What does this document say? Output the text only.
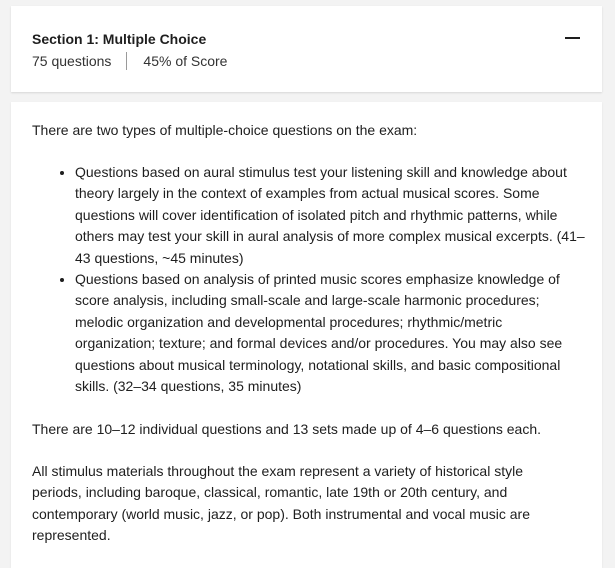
Section 1: Multiple Choice
75 questions 45% of Score

There are two types of multiple-choice questions on the exam:

• Questions based on aural stimulus test your listening skill and knowledge about theory largely in the context of examples from actual musical scores. Some questions will cover identification of isolated pitch and rhythmic patterns, while others may test your skill in aural analysis of more complex musical excerpts. (41–43 questions, ~45 minutes)
• Questions based on analysis of printed music scores emphasize knowledge of score analysis, including small-scale and large-scale harmonic procedures; melodic organization and developmental procedures; rhythmic/metric organization; texture; and formal devices and/or procedures. You may also see questions about musical terminology, notational skills, and basic compositional skills. (32–34 questions, 35 minutes)

There are 10–12 individual questions and 13 sets made up of 4–6 questions each.

All stimulus materials throughout the exam represent a variety of historical style periods, including baroque, classical, romantic, late 19th or 20th century, and contemporary (world music, jazz, or pop). Both instrumental and vocal music are represented.
